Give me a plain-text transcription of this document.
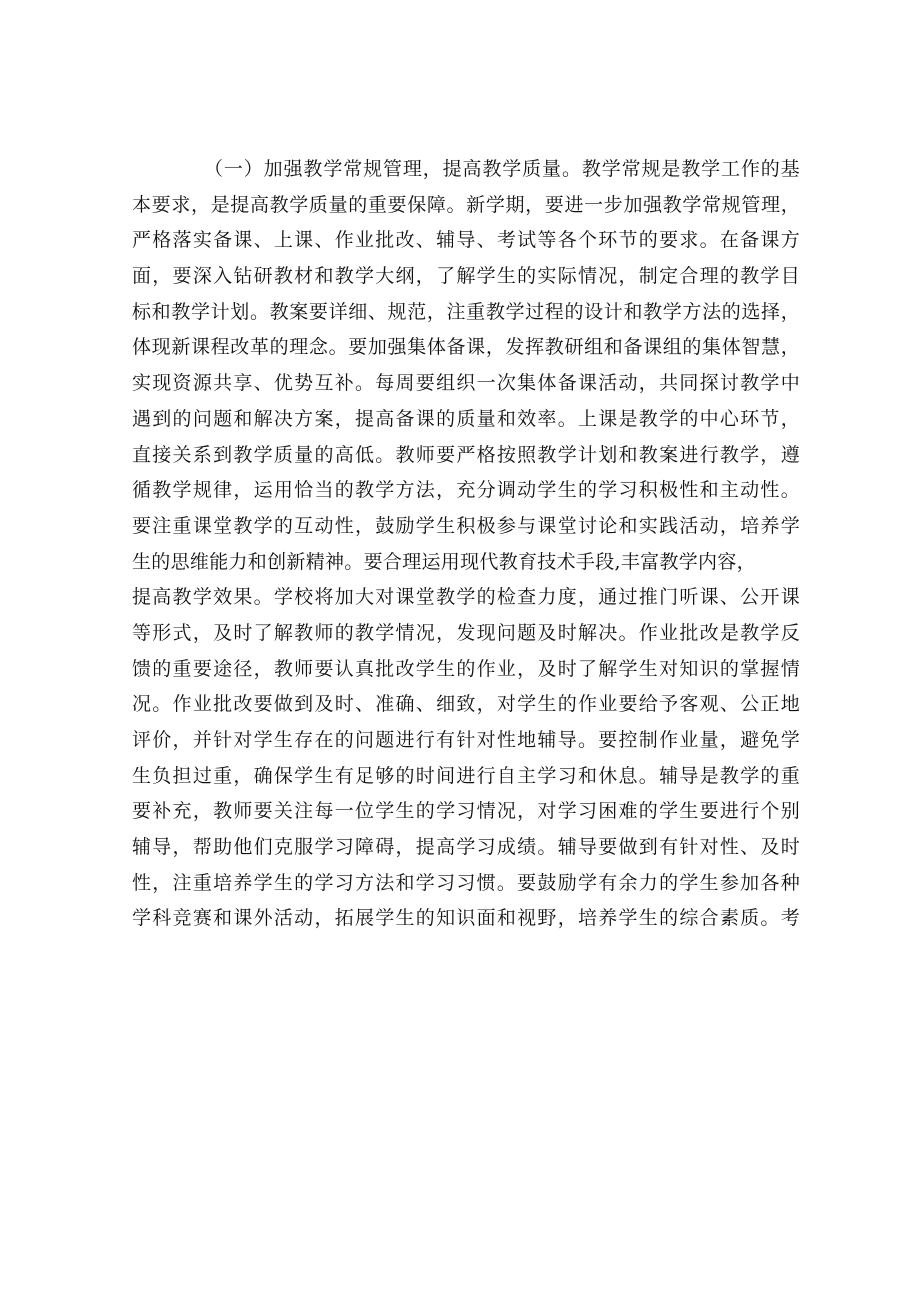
（一）加强教学常规管理，提高教学质量。教学常规是教学工作的基
本要求，是提高教学质量的重要保障。新学期，要进一步加强教学常规管理，
严格落实备课、上课、作业批改、辅导、考试等各个环节的要求。在备课方
面，要深入钻研教材和教学大纲，了解学生的实际情况，制定合理的教学目
标和教学计划。教案要详细、规范，注重教学过程的设计和教学方法的选择，
体现新课程改革的理念。要加强集体备课，发挥教研组和备课组的集体智慧，
实现资源共享、优势互补。每周要组织一次集体备课活动，共同探讨教学中
遇到的问题和解决方案，提高备课的质量和效率。上课是教学的中心环节，
直接关系到教学质量的高低。教师要严格按照教学计划和教案进行教学，遵
循教学规律，运用恰当的教学方法，充分调动学生的学习积极性和主动性。
要注重课堂教学的互动性，鼓励学生积极参与课堂讨论和实践活动，培养学
生的思维能力和创新精神。要合理运用现代教育技术手段,丰富教学内容，
提高教学效果。学校将加大对课堂教学的检查力度，通过推门听课、公开课
等形式，及时了解教师的教学情况，发现问题及时解决。作业批改是教学反
馈的重要途径，教师要认真批改学生的作业，及时了解学生对知识的掌握情
况。作业批改要做到及时、准确、细致，对学生的作业要给予客观、公正地
评价，并针对学生存在的问题进行有针对性地辅导。要控制作业量，避免学
生负担过重，确保学生有足够的时间进行自主学习和休息。辅导是教学的重
要补充，教师要关注每一位学生的学习情况，对学习困难的学生要进行个别
辅导，帮助他们克服学习障碍，提高学习成绩。辅导要做到有针对性、及时
性，注重培养学生的学习方法和学习习惯。要鼓励学有余力的学生参加各种
学科竞赛和课外活动，拓展学生的知识面和视野，培养学生的综合素质。考
